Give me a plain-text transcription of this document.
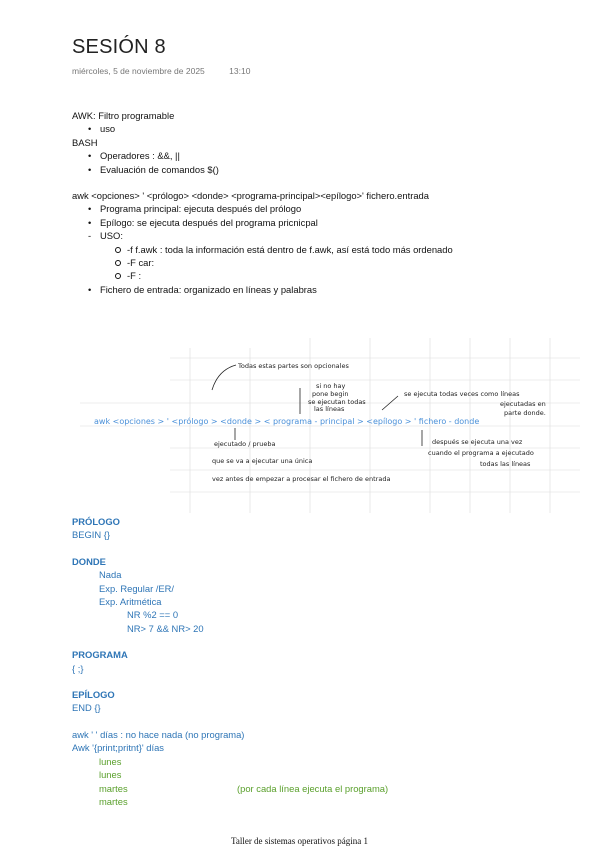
SESIÓN 8
miércoles, 5 de noviembre de 2025	13:10
AWK: Filtro programable
• uso
BASH
• Operadores : &&, ||
• Evaluación de comandos $()
awk <opciones> ' <prólogo> <donde> <programa-principal><epílogo>' fichero.entrada
• Programa principal: ejecuta después del prólogo
• Epílogo: se ejecuta después del programa pricnicpal
- USO:
-f f.awk : toda la información está dentro de f.awk, así está todo más ordenado
-F car:
-F :
• Fichero de entrada: organizado en líneas y palabras
Todas estas partes son opcionales
si no hay
pone begin
se ejecutan todas
las líneas
se ejecuta todas veces como líneas
ejecutadas en
parte donde.
awk <opciones > ' <prólogo > <donde > < programa - principal > <epílogo > ' fichero - donde
ejecutado / prueba
que se va a ejecutar una única
vez antes de empezar a procesar el fichero de entrada
después se ejecuta una vez
cuando el programa a ejecutado
todas las líneas
PRÓLOGO
BEGIN {}
DONDE
Nada
Exp. Regular /ER/
Exp. Aritmética
NR %2 == 0
NR> 7 && NR> 20
PROGRAMA
{ ;}
EPÍLOGO
END {}
awk ' ' días : no hace nada (no programa)
Awk '{print;pritnt}' días
lunes
lunes
martes	(por cada línea ejecuta el programa)
martes
Taller de sistemas operativos página 1
